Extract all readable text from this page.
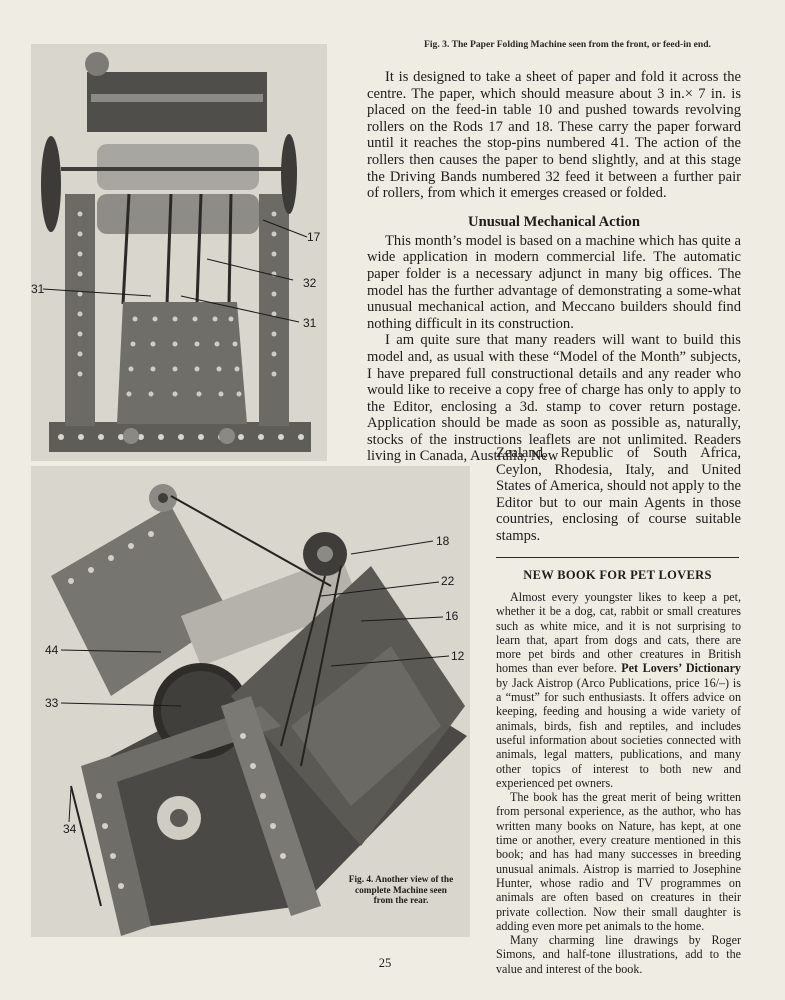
17
32
31
31
Fig. 3. The Paper Folding Machine seen from the front, or feed-in end.

It is designed to take a sheet of paper and fold it across the centre. The paper, which should measure about 3 in.× 7 in. is placed on the feed-in table 10 and pushed towards revolving rollers on the Rods 17 and 18. These carry the paper forward until it reaches the stop-pins numbered 41. The action of the rollers then causes the paper to bend slightly, and at this stage the Driving Bands numbered 32 feed it between a further pair of rollers, from which it emerges creased or folded.

Unusual Mechanical Action

This month’s model is based on a machine which has quite a wide application in modern commercial life. The automatic paper folder is a necessary adjunct in many big offices. The model has the further advantage of demonstrating a some-what unusual mechanical action, and Meccano builders should find nothing difficult in its construction.

I am quite sure that many readers will want to build this model and, as usual with these “Model of the Month” subjects, I have prepared full constructional details and any reader who would like to receive a copy free of charge has only to apply to the Editor, enclosing a 3d. stamp to cover return postage. Application should be made as soon as possible as, naturally, stocks of the instructions leaflets are not unlimited. Readers living in Canada, Australia, New

Zealand, Republic of South Africa, Ceylon, Rhodesia, Italy, and United States of America, should not apply to the Editor but to our main Agents in those countries, enclosing of course suitable stamps.
18
22
16
12
44
33
34
Fig. 4. Another view of the complete Machine seen from the rear.
NEW BOOK FOR PET LOVERS

Almost every youngster likes to keep a pet, whether it be a dog, cat, rabbit or small creatures such as white mice, and it is not surprising to learn that, apart from dogs and cats, there are more pet birds and other creatures in British homes than ever before. Pet Lovers’ Dictionary by Jack Aistrop (Arco Publications, price 16/–) is a “must” for such enthusiasts. It offers advice on keeping, feeding and housing a wide variety of animals, birds, fish and reptiles, and includes useful information about societies connected with animals, legal matters, publications, and many other topics of interest to both new and experienced pet owners.

The book has the great merit of being written from personal experience, as the author, who has written many books on Nature, has kept, at one time or another, every creature mentioned in this book; and has had many successes in breeding unusual animals. Aistrop is married to Josephine Hunter, whose radio and TV programmes on animals are often based on creatures in their private collection. Now their small daughter is adding even more pet animals to the home.

Many charming line drawings by Roger Simons, and half-tone illustrations, add to the value and interest of the book.

25
